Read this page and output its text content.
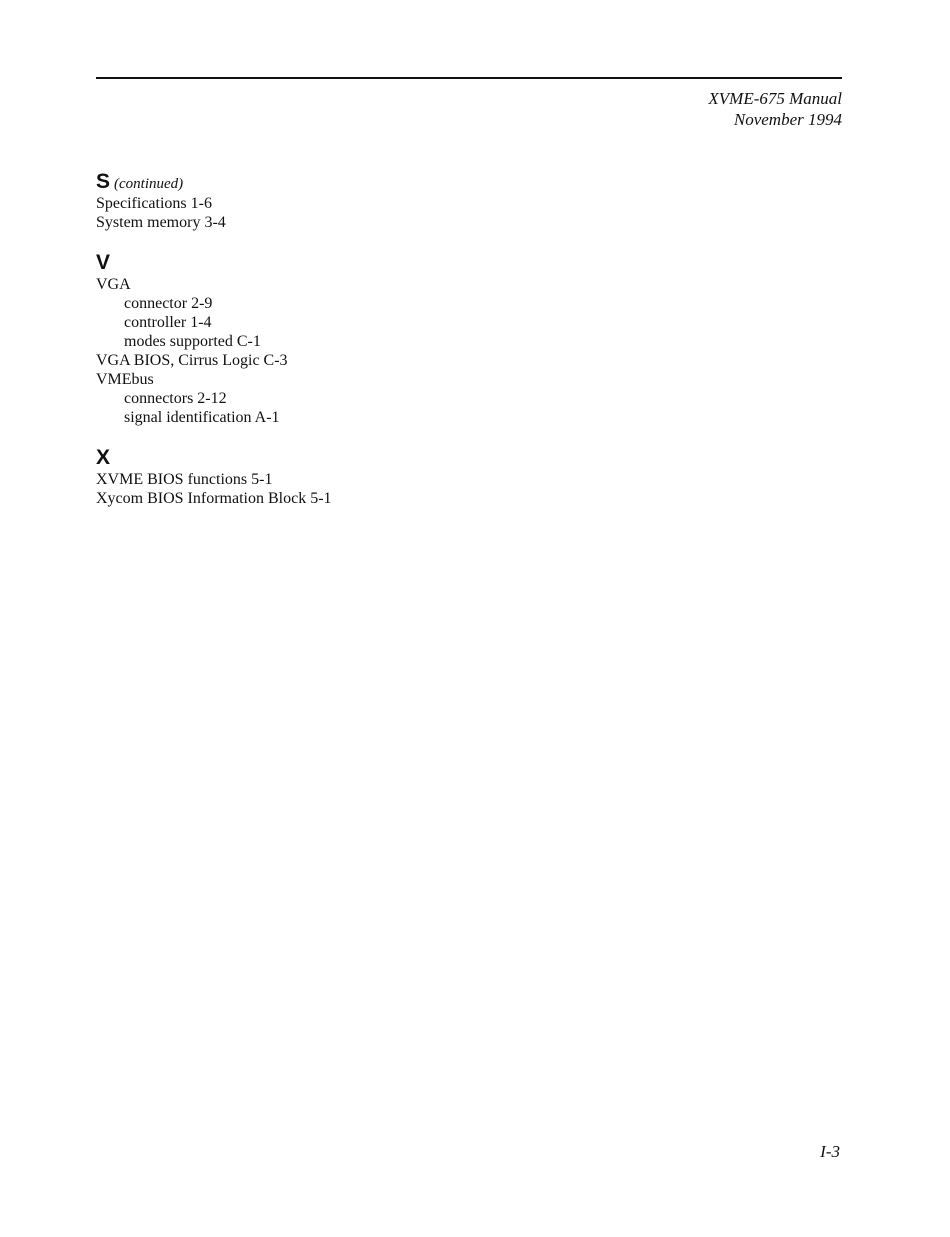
XVME-675 Manual
November 1994
S (continued)
Specifications 1-6
System memory 3-4
V
VGA
connector 2-9
controller 1-4
modes supported C-1
VGA BIOS, Cirrus Logic C-3
VMEbus
connectors 2-12
signal identification A-1
X
XVME BIOS functions 5-1
Xycom BIOS Information Block 5-1
I-3
